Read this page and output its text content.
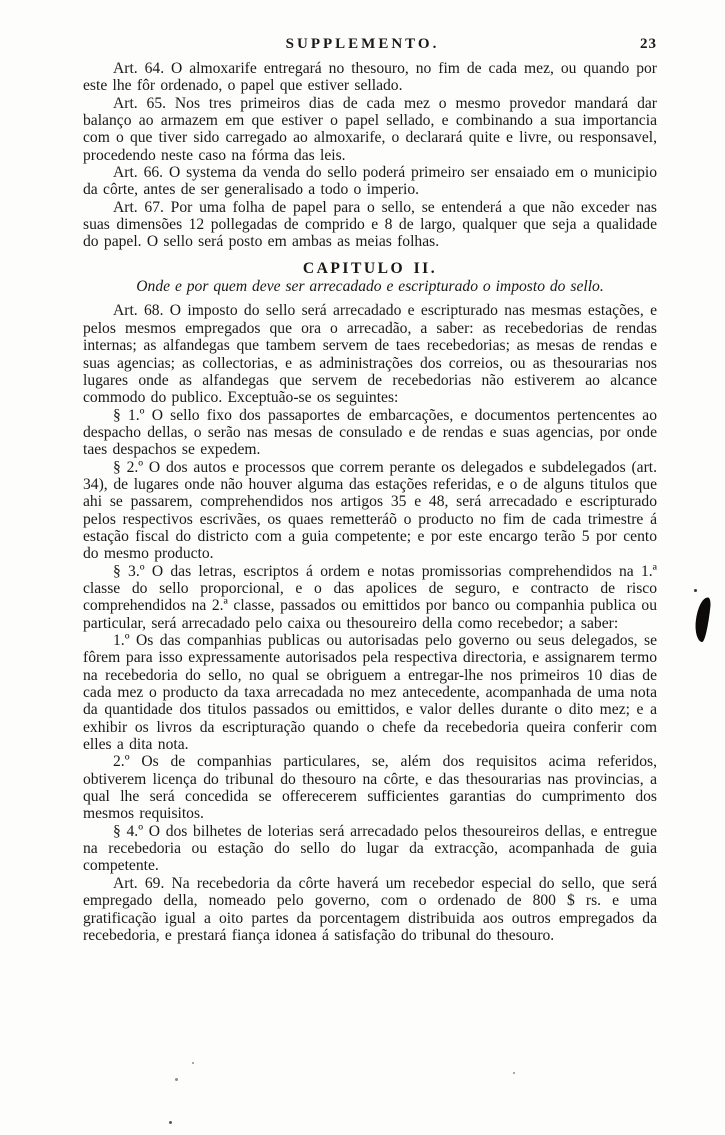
SUPPLEMENTO.	23

Art. 64. O almoxarife entregará no thesouro, no fim de cada mez, ou quando por este lhe fôr ordenado, o papel que estiver sellado.

Art. 65. Nos tres primeiros dias de cada mez o mesmo provedor mandará dar balanço ao armazem em que estiver o papel sellado, e combinando a sua importancia com o que tiver sido carregado ao almoxarife, o declarará quite e livre, ou responsavel, procedendo neste caso na fórma das leis.

Art. 66. O systema da venda do sello poderá primeiro ser ensaiado em o municipio da côrte, antes de ser generalisado a todo o imperio.

Art. 67. Por uma folha de papel para o sello, se entenderá a que não exceder nas suas dimensões 12 pollegadas de comprido e 8 de largo, qualquer que seja a qualidade do papel. O sello será posto em ambas as meias folhas.

CAPITULO II.

Onde e por quem deve ser arrecadado e escripturado o imposto do sello.

Art. 68. O imposto do sello será arrecadado e escripturado nas mesmas estações, e pelos mesmos empregados que ora o arrecadão, a saber: as recebedorias de rendas internas; as alfandegas que tambem servem de taes recebedorias; as mesas de rendas e suas agencias; as collectorias, e as administrações dos correios, ou as thesourarias nos lugares onde as alfandegas que servem de recebedorias não estiverem ao alcance commodo do publico. Exceptuão-se os seguintes:

§ 1.º O sello fixo dos passaportes de embarcações, e documentos pertencentes ao despacho dellas, o serão nas mesas de consulado e de rendas e suas agencias, por onde taes despachos se expedem.

§ 2.º O dos autos e processos que correm perante os delegados e subdelegados (art. 34), de lugares onde não houver alguma das estações referidas, e o de alguns titulos que ahi se passarem, comprehendidos nos artigos 35 e 48, será arrecadado e escripturado pelos respectivos escrivães, os quaes remetteráõ o producto no fim de cada trimestre á estação fiscal do districto com a guia competente; e por este encargo terão 5 por cento do mesmo producto.

§ 3.º O das letras, escriptos á ordem e notas promissorias comprehendidos na 1.ª classe do sello proporcional, e o das apolices de seguro, e contracto de risco comprehendidos na 2.ª classe, passados ou emittidos por banco ou companhia publica ou particular, será arrecadado pelo caixa ou thesoureiro della como recebedor; a saber:

1.º Os das companhias publicas ou autorisadas pelo governo ou seus delegados, se fôrem para isso expressamente autorisados pela respectiva directoria, e assignarem termo na recebedoria do sello, no qual se obriguem a entregar-lhe nos primeiros 10 dias de cada mez o producto da taxa arrecadada no mez antecedente, acompanhada de uma nota da quantidade dos titulos passados ou emittidos, e valor delles durante o dito mez; e a exhibir os livros da escripturação quando o chefe da recebedoria queira conferir com elles a dita nota.

2.º Os de companhias particulares, se, além dos requisitos acima referidos, obtiverem licença do tribunal do thesouro na côrte, e das thesourarias nas provincias, a qual lhe será concedida se offerecerem sufficientes garantias do cumprimento dos mesmos requisitos.

§ 4.º O dos bilhetes de loterias será arrecadado pelos thesoureiros dellas, e entregue na recebedoria ou estação do sello do lugar da extracção, acompanhada de guia competente.

Art. 69. Na recebedoria da côrte haverá um recebedor especial do sello, que será empregado della, nomeado pelo governo, com o ordenado de 800 $ rs. e uma gratificação igual a oito partes da porcentagem distribuida aos outros empregados da recebedoria, e prestará fiança idonea á satisfação do tribunal do thesouro.
